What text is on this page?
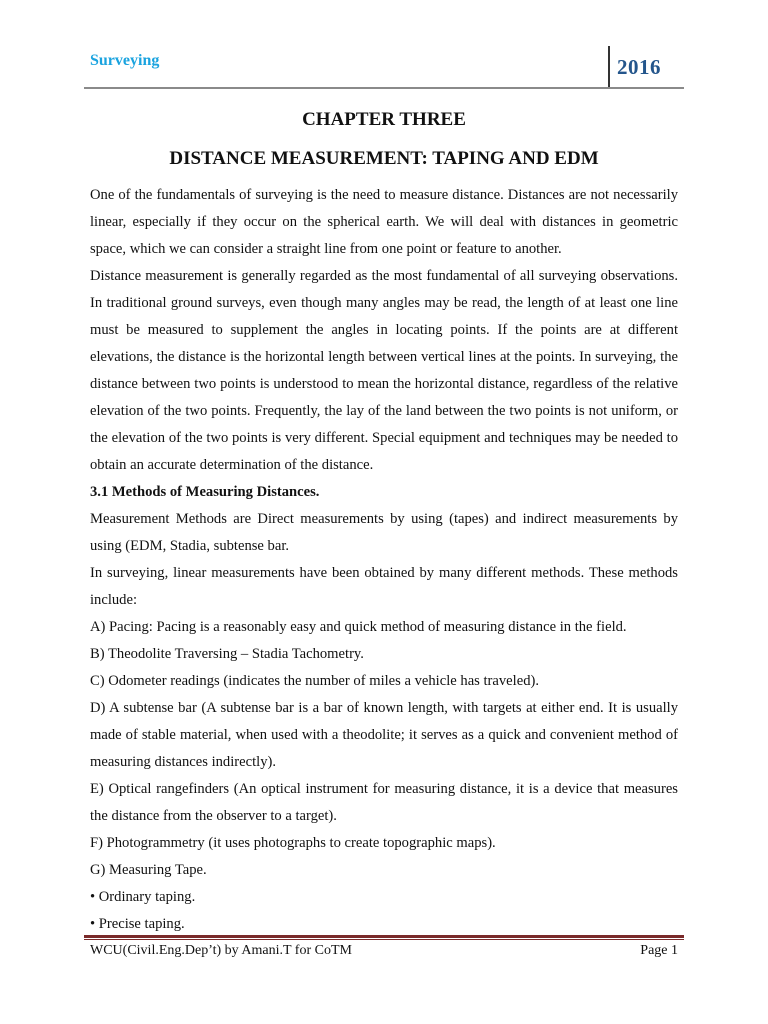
Surveying	2016
CHAPTER THREE
DISTANCE MEASUREMENT: TAPING AND EDM

One of the fundamentals of surveying is the need to measure distance. Distances are not necessarily linear, especially if they occur on the spherical earth. We will deal with distances in geometric space, which we can consider a straight line from one point or feature to another.

Distance measurement is generally regarded as the most fundamental of all surveying observations. In traditional ground surveys, even though many angles may be read, the length of at least one line must be measured to supplement the angles in locating points. If the points are at different elevations, the distance is the horizontal length between vertical lines at the points. In surveying, the distance between two points is understood to mean the horizontal distance, regardless of the relative elevation of the two points. Frequently, the lay of the land between the two points is not uniform, or the elevation of the two points is very different. Special equipment and techniques may be needed to obtain an accurate determination of the distance.

3.1 Methods of Measuring Distances.

Measurement Methods are Direct measurements by using (tapes) and indirect measurements by using (EDM, Stadia, subtense bar.

In surveying, linear measurements have been obtained by many different methods. These methods include:

A) Pacing: Pacing is a reasonably easy and quick method of measuring distance in the field.

B) Theodolite Traversing – Stadia Tachometry.

C) Odometer readings (indicates the number of miles a vehicle has traveled).

D) A subtense bar (A subtense bar is a bar of known length, with targets at either end. It is usually made of stable material, when used with a theodolite; it serves as a quick and convenient method of measuring distances indirectly).

E) Optical rangefinders (An optical instrument for measuring distance, it is a device that measures the distance from the observer to a target).

F) Photogrammetry (it uses photographs to create topographic maps).

G) Measuring Tape.

• Ordinary taping.

• Precise taping.

WCU(Civil.Eng.Dep’t) by Amani.T for CoTM	Page 1
